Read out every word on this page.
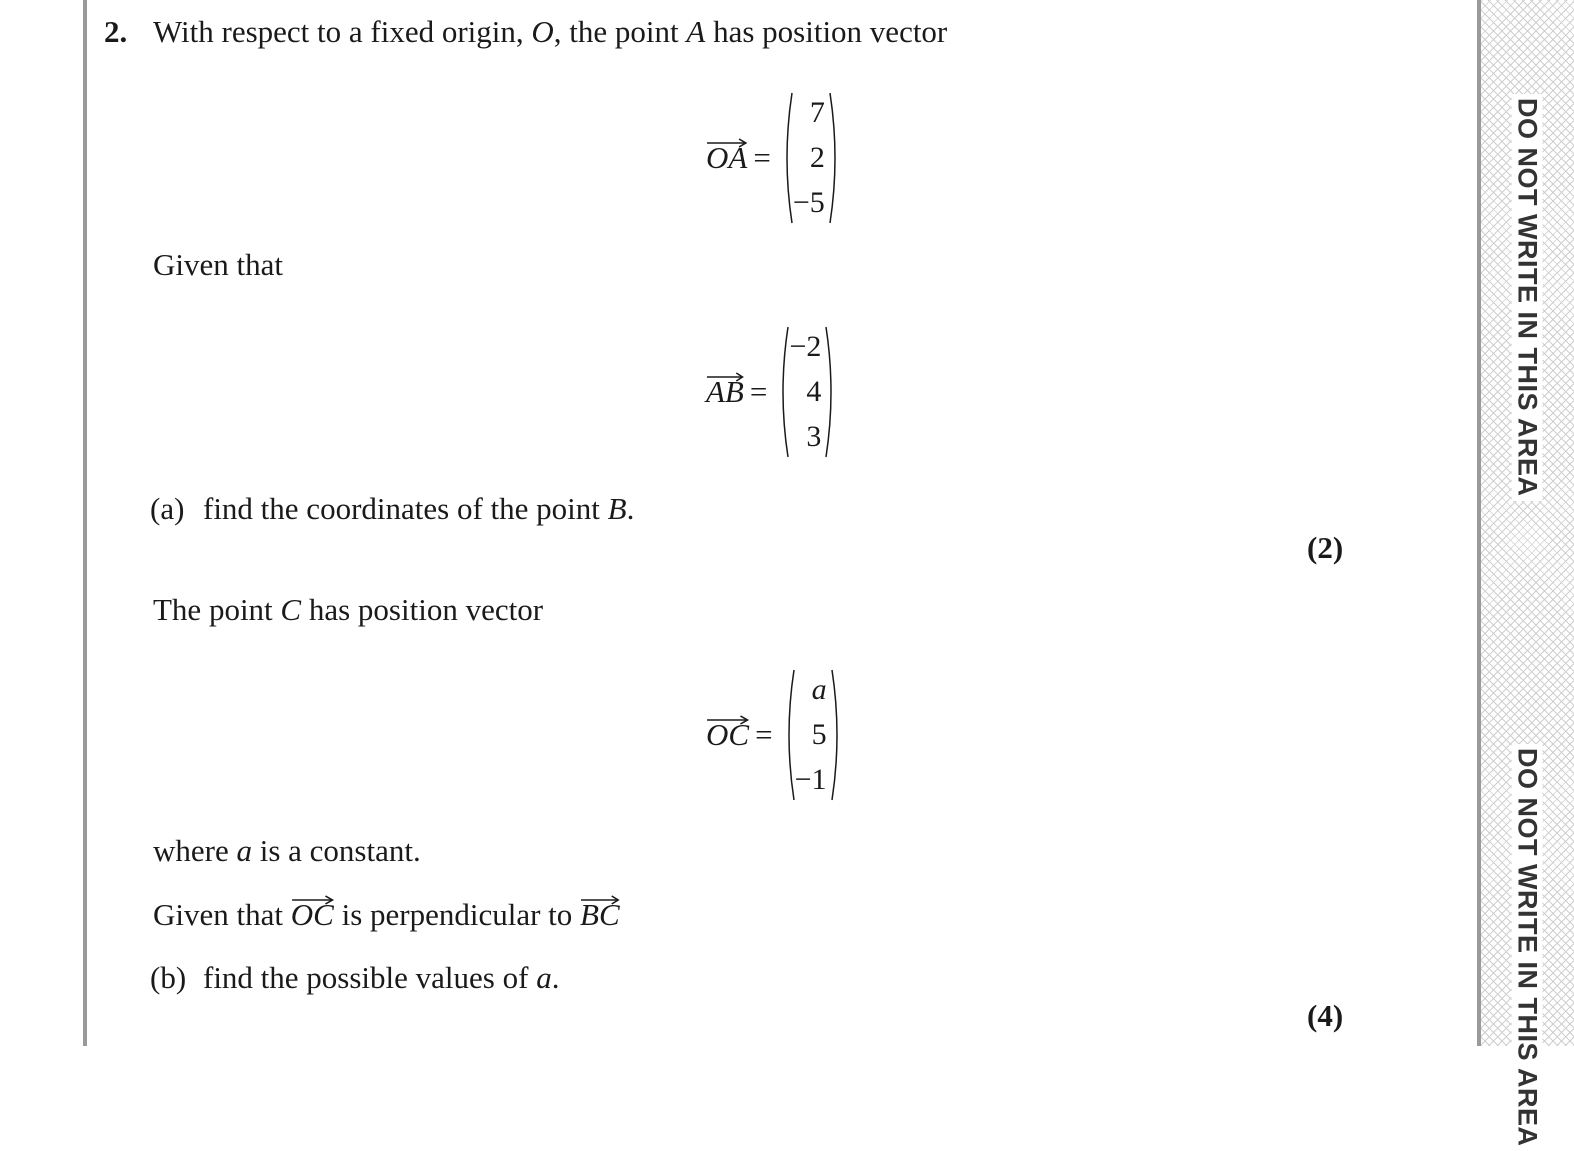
DO NOT WRITE IN THIS AREA
DO NOT WRITE IN THIS AREA
2. With respect to a fixed origin, O, the point A has position vector
OA =
7
2
−5
Given that
AB =
−2
4
3
(a) find the coordinates of the point B.
(2)
The point C has position vector
OC =
a
5
−1
where a is a constant.
Given that
OC is perpendicular to
BC
(b) find the possible values of a.
(4)
